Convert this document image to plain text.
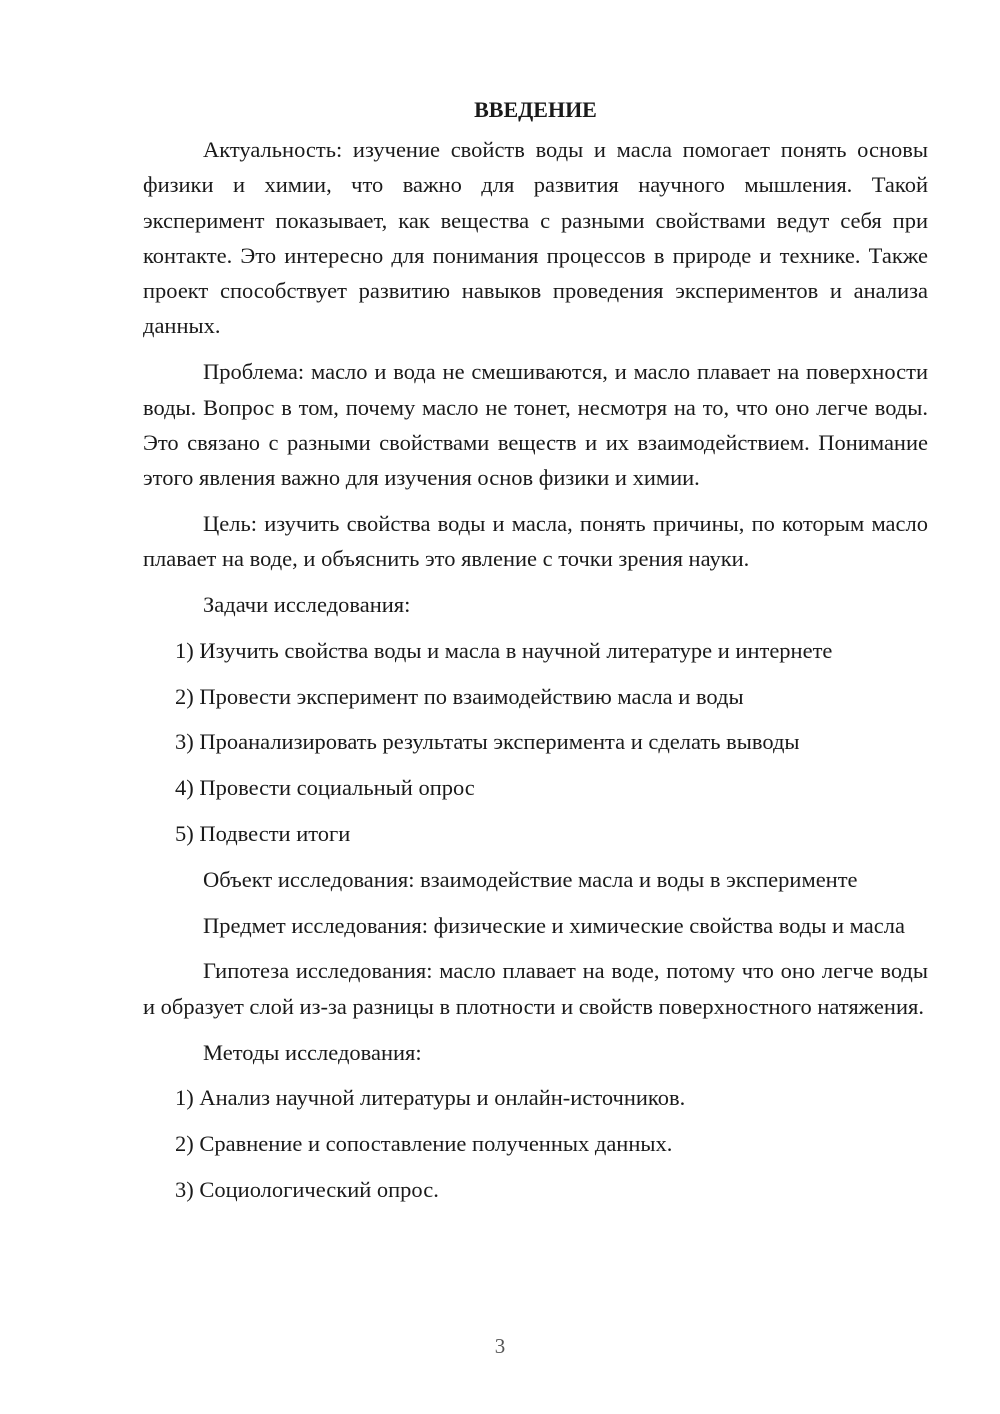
ВВЕДЕНИЕ

Актуальность: изучение свойств воды и масла помогает понять основы физики и химии, что важно для развития научного мышления. Такой эксперимент показывает, как вещества с разными свойствами ведут себя при контакте. Это интересно для понимания процессов в природе и технике. Также проект способствует развитию навыков проведения экспериментов и анализа данных.

Проблема: масло и вода не смешиваются, и масло плавает на поверхности воды. Вопрос в том, почему масло не тонет, несмотря на то, что оно легче воды. Это связано с разными свойствами веществ и их взаимодействием. Понимание этого явления важно для изучения основ физики и химии.

Цель: изучить свойства воды и масла, понять причины, по которым масло плавает на воде, и объяснить это явление с точки зрения науки.

Задачи исследования:
1) Изучить свойства воды и масла в научной литературе и интернете
2) Провести эксперимент по взаимодействию масла и воды
3) Проанализировать результаты эксперимента и сделать выводы
4) Провести социальный опрос
5) Подвести итоги
Объект исследования: взаимодействие масла и воды в эксперименте

Предмет исследования: физические и химические свойства воды и масла

Гипотеза исследования: масло плавает на воде, потому что оно легче воды и образует слой из-за разницы в плотности и свойств поверхностного натяжения.

Методы исследования:
1) Анализ научной литературы и онлайн-источников.
2) Сравнение и сопоставление полученных данных.
3) Социологический опрос.
3
